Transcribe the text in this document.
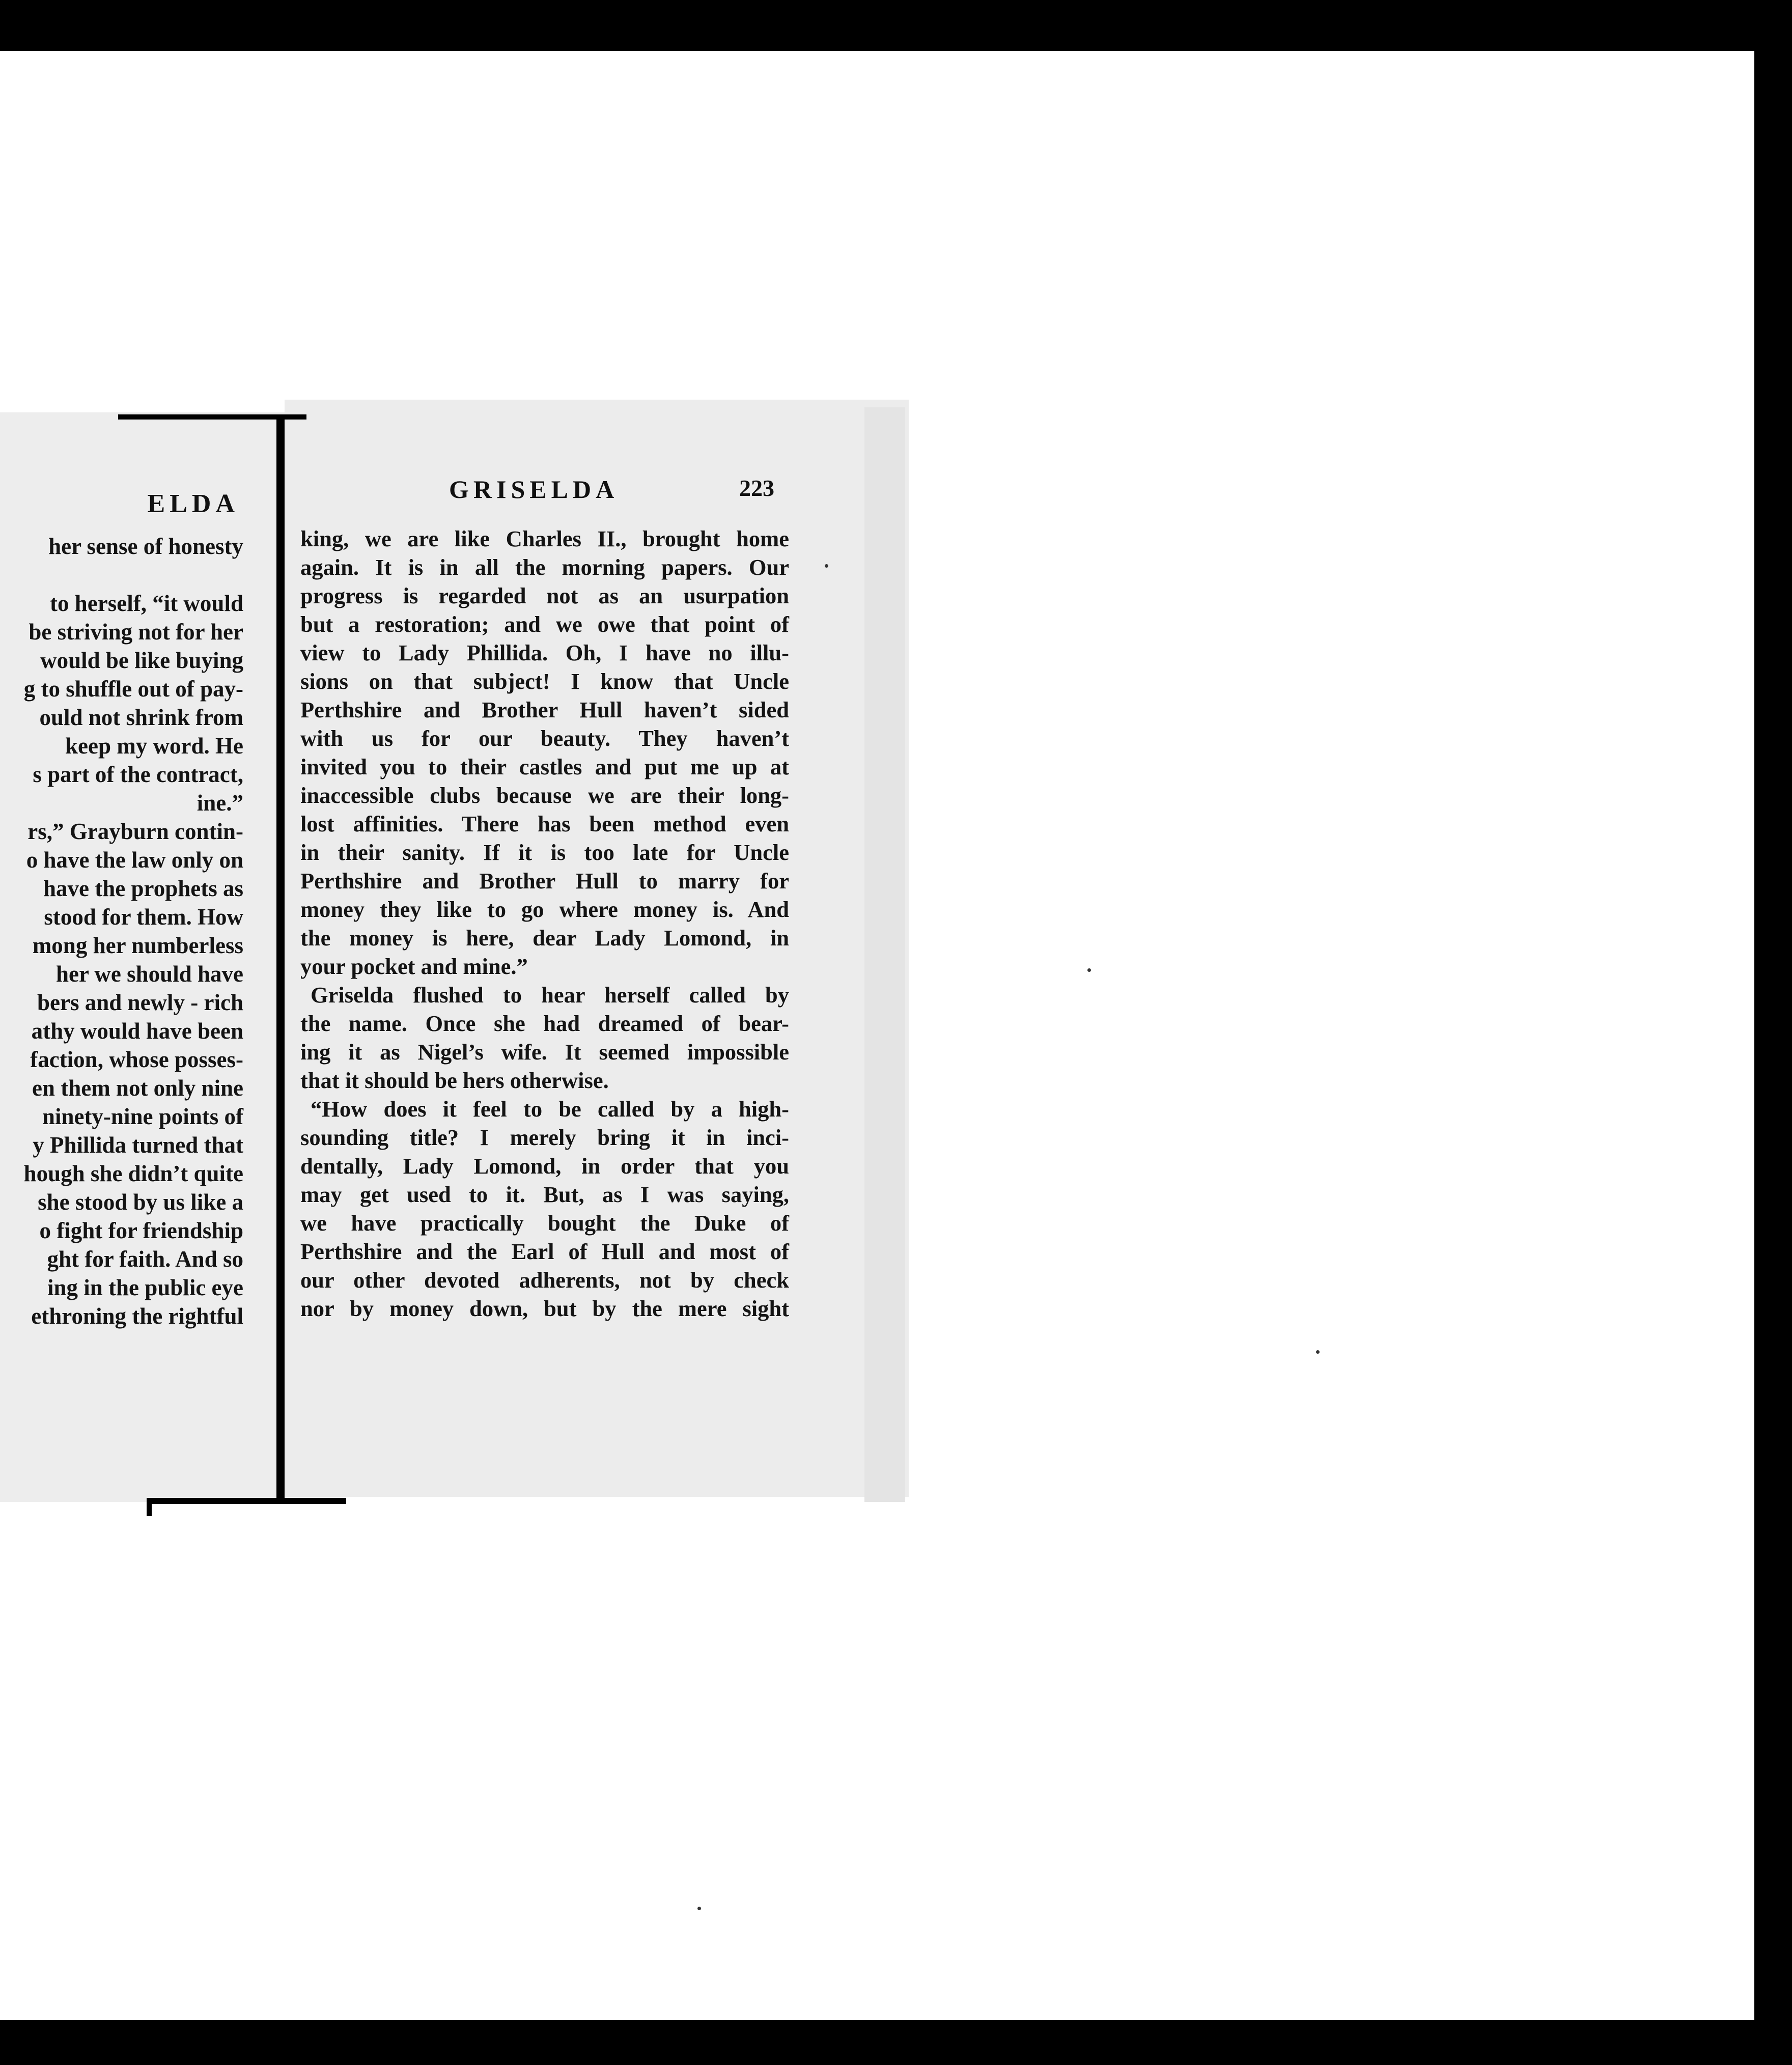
ELDA
her sense of honesty
to herself, “it would
be striving not for her
would be like buying
g to shuffle out of pay-
ould not shrink from
keep my word. He
s part of the contract,
ine.”
rs,” Grayburn contin-
o have the law only on
have the prophets as
stood for them. How
mong her numberless
her we should have
bers and newly - rich
athy would have been
faction, whose posses-
en them not only nine
ninety-nine points of
y Phillida turned that
hough she didn’t quite
she stood by us like a
o fight for friendship
ght for faith. And so
ing in the public eye
ethroning the rightful
GRISELDA	223
king, we are like Charles II., brought home
again. It is in all the morning papers. Our
progress is regarded not as an usurpation
but a restoration; and we owe that point of
view to Lady Phillida. Oh, I have no illu-
sions on that subject! I know that Uncle
Perthshire and Brother Hull haven’t sided
with us for our beauty. They haven’t
invited you to their castles and put me up at
inaccessible clubs because we are their long-
lost affinities. There has been method even
in their sanity. If it is too late for Uncle
Perthshire and Brother Hull to marry for
money they like to go where money is. And
the money is here, dear Lady Lomond, in
your pocket and mine.”
Griselda flushed to hear herself called by
the name. Once she had dreamed of bear-
ing it as Nigel’s wife. It seemed impossible
that it should be hers otherwise.
“How does it feel to be called by a high-
sounding title? I merely bring it in inci-
dentally, Lady Lomond, in order that you
may get used to it. But, as I was saying,
we have practically bought the Duke of
Perthshire and the Earl of Hull and most of
our other devoted adherents, not by check
nor by money down, but by the mere sight
